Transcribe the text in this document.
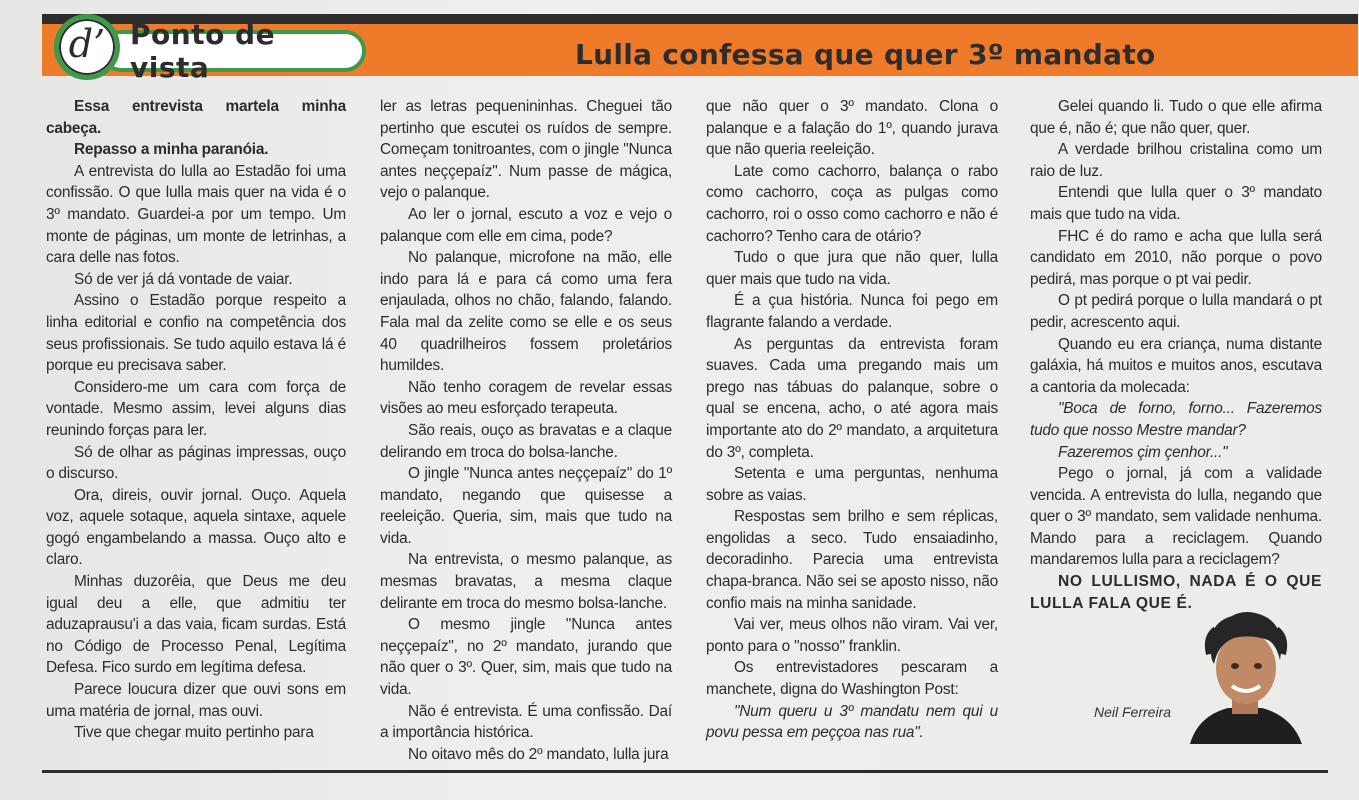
d’ Ponto de vista	Lulla confessa que quer 3º mandato

Essa entrevista martela minha cabeça.

Repasso a minha paranóia.

A entrevista do lulla ao Estadão foi uma confissão. O que lulla mais quer na vida é o 3º mandato. Guardei-a por um tempo. Um monte de páginas, um monte de letrinhas, a cara delle nas fotos.

Só de ver já dá vontade de vaiar.

Assino o Estadão porque respeito a linha editorial e confio na competência dos seus profissionais. Se tudo aquilo estava lá é porque eu precisava saber.

Considero-me um cara com força de vontade. Mesmo assim, levei alguns dias reunindo forças para ler.

Só de olhar as páginas impressas, ouço o discurso.

Ora, direis, ouvir jornal. Ouço. Aquela voz, aquele sotaque, aquela sintaxe, aquele gogó engambelando a massa. Ouço alto e claro.

Minhas duzorêia, que Deus me deu igual deu a elle, que admitiu ter aduzaprausu'i a das vaia, ficam surdas. Está no Código de Processo Penal, Legítima Defesa. Fico surdo em legítima defesa.

Parece loucura dizer que ouvi sons em uma matéria de jornal, mas ouvi.

Tive que chegar muito pertinho para

ler as letras pequenininhas. Cheguei tão pertinho que escutei os ruídos de sempre. Começam tonitroantes, com o jingle "Nunca antes neççepaíz". Num passe de mágica, vejo o palanque.

Ao ler o jornal, escuto a voz e vejo o palanque com elle em cima, pode?

No palanque, microfone na mão, elle indo para lá e para cá como uma fera enjaulada, olhos no chão, falando, falando. Fala mal da zelite como se elle e os seus 40 quadrilheiros fossem proletários humildes.

Não tenho coragem de revelar essas visões ao meu esforçado terapeuta.

São reais, ouço as bravatas e a claque delirando em troca do bolsa-lanche.

O jingle "Nunca antes neççepaíz" do 1º mandato, negando que quisesse a reeleição. Queria, sim, mais que tudo na vida.

Na entrevista, o mesmo palanque, as mesmas bravatas, a mesma claque delirante em troca do mesmo bolsa-lanche.

O mesmo jingle "Nunca antes neççepaíz", no 2º mandato, jurando que não quer o 3º. Quer, sim, mais que tudo na vida.

Não é entrevista. É uma confissão. Daí a importância histórica.

No oitavo mês do 2º mandato, lulla jura

que não quer o 3º mandato. Clona o palanque e a falação do 1º, quando jurava que não queria reeleição.

Late como cachorro, balança o rabo como cachorro, coça as pulgas como cachorro, roi o osso como cachorro e não é cachorro? Tenho cara de otário?

Tudo o que jura que não quer, lulla quer mais que tudo na vida.

É a çua história. Nunca foi pego em flagrante falando a verdade.

As perguntas da entrevista foram suaves. Cada uma pregando mais um prego nas tábuas do palanque, sobre o qual se encena, acho, o até agora mais importante ato do 2º mandato, a arquitetura do 3º, completa.

Setenta e uma perguntas, nenhuma sobre as vaias.

Respostas sem brilho e sem réplicas, engolidas a seco. Tudo ensaiadinho, decoradinho. Parecia uma entrevista chapa-branca. Não sei se aposto nisso, não confio mais na minha sanidade.

Vai ver, meus olhos não viram. Vai ver, ponto para o "nosso" franklin.

Os entrevistadores pescaram a manchete, digna do Washington Post:

"Num queru u 3º mandatu nem qui u povu pessa em peççoa nas rua".

Gelei quando li. Tudo o que elle afirma que é, não é; que não quer, quer.

A verdade brilhou cristalina como um raio de luz.

Entendi que lulla quer o 3º mandato mais que tudo na vida.

FHC é do ramo e acha que lulla será candidato em 2010, não porque o povo pedirá, mas porque o pt vai pedir.

O pt pedirá porque o lulla mandará o pt pedir, acrescento aqui.

Quando eu era criança, numa distante galáxia, há muitos e muitos anos, escutava a cantoria da molecada:

"Boca de forno, forno... Fazeremos tudo que nosso Mestre mandar?

Fazeremos çim çenhor..."

Pego o jornal, já com a validade vencida. A entrevista do lulla, negando que quer o 3º mandato, sem validade nenhuma. Mando para a reciclagem. Quando mandaremos lulla para a reciclagem?

NO LULLISMO, NADA É O QUE LULLA FALA QUE É.

Neil Ferreira
